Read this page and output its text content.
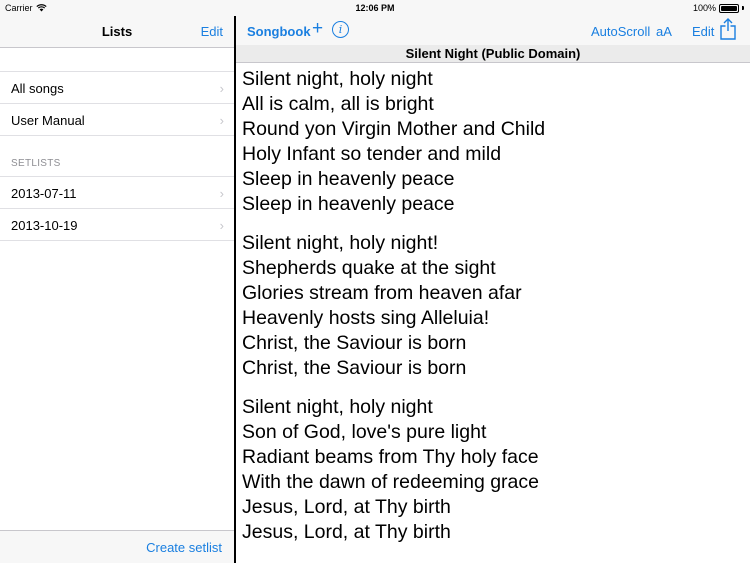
Carrier	12:06 PM	100%
Lists	Edit
All songs	›
User Manual	›
SETLISTS
2013-07-11	›
2013-10-19	›
Create setlist
Songbook +	i	AutoScroll aA Edit
Silent Night (Public Domain)
Silent night, holy night
All is calm, all is bright
Round yon Virgin Mother and Child
Holy Infant so tender and mild
Sleep in heavenly peace
Sleep in heavenly peace
Silent night, holy night!
Shepherds quake at the sight
Glories stream from heaven afar
Heavenly hosts sing Alleluia!
Christ, the Saviour is born
Christ, the Saviour is born
Silent night, holy night
Son of God, love's pure light
Radiant beams from Thy holy face
With the dawn of redeeming grace
Jesus, Lord, at Thy birth
Jesus, Lord, at Thy birth
